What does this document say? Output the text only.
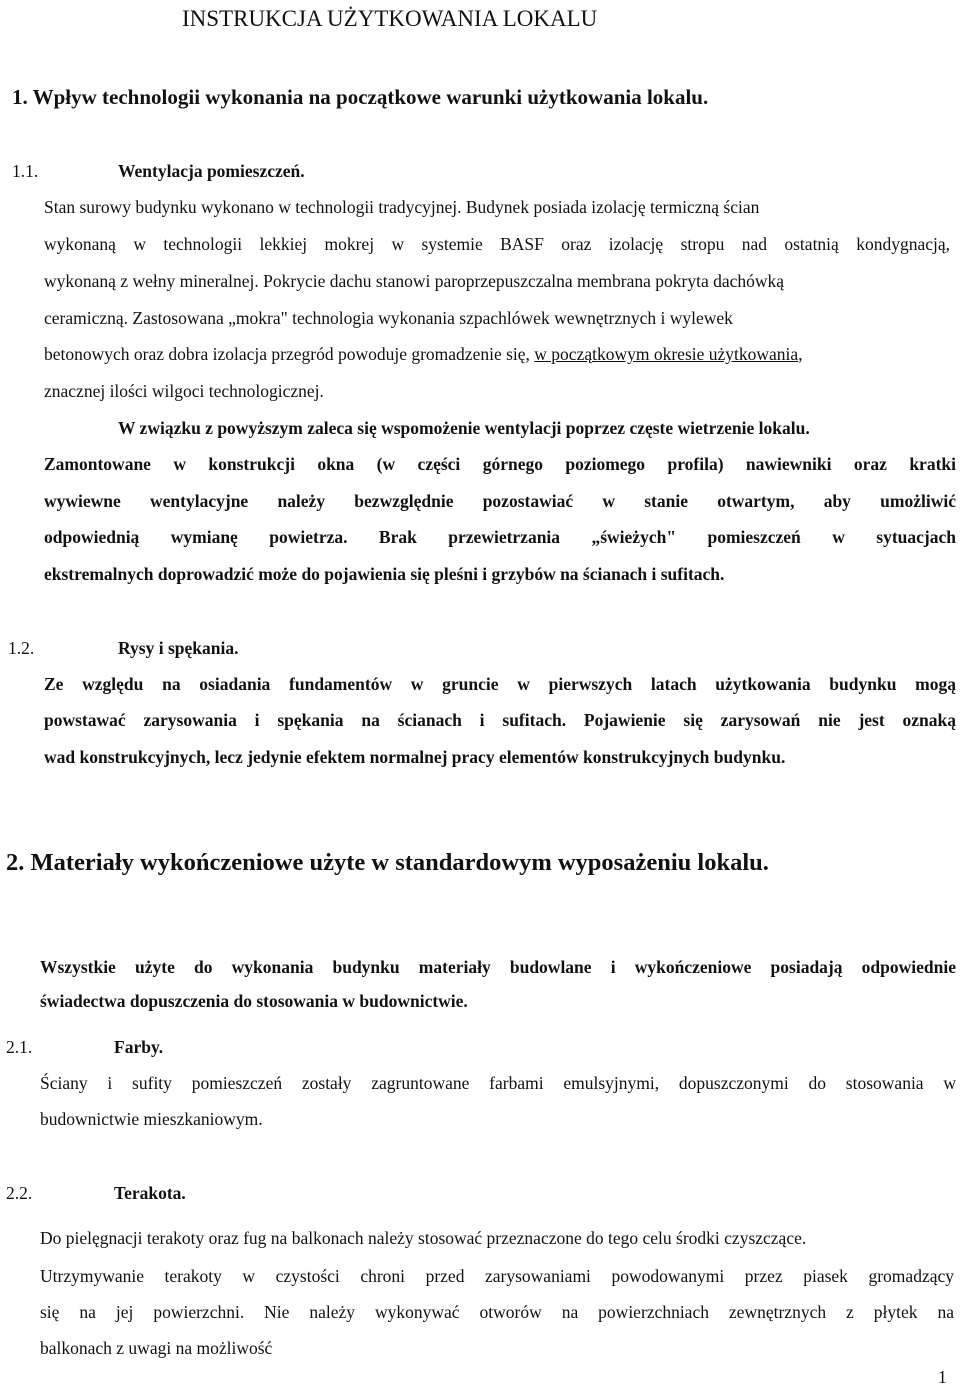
INSTRUKCJA UŻYTKOWANIA LOKALU
1. Wpływ technologii wykonania na początkowe warunki użytkowania lokalu.
1.1.	Wentylacja pomieszczeń.
Stan surowy budynku wykonano w technologii tradycyjnej. Budynek posiada izolację termiczną ścian
wykonaną w technologii lekkiej mokrej w systemie BASF oraz izolację stropu nad ostatnią kondygnacją,
wykonaną z wełny mineralnej. Pokrycie dachu stanowi paroprzepuszczalna membrana pokryta dachówką
ceramiczną. Zastosowana „mokra" technologia wykonania szpachlówek wewnętrznych i wylewek
betonowych oraz dobra izolacja przegród powoduje gromadzenie się, w początkowym okresie użytkowania,
znacznej ilości wilgoci technologicznej.
W związku z powyższym zaleca się wspomożenie wentylacji poprzez częste wietrzenie lokalu.
Zamontowane w konstrukcji okna (w części górnego poziomego profila) nawiewniki oraz kratki
wywiewne wentylacyjne należy bezwzględnie pozostawiać w stanie otwartym, aby umożliwić
odpowiednią wymianę powietrza. Brak przewietrzania „świeżych" pomieszczeń w sytuacjach
ekstremalnych doprowadzić może do pojawienia się pleśni i grzybów na ścianach i sufitach.
1.2.	Rysy i spękania.
Ze względu na osiadania fundamentów w gruncie w pierwszych latach użytkowania budynku mogą
powstawać zarysowania i spękania na ścianach i sufitach. Pojawienie się zarysowań nie jest oznaką
wad konstrukcyjnych, lecz jedynie efektem normalnej pracy elementów konstrukcyjnych budynku.
2. Materiały wykończeniowe użyte w standardowym wyposażeniu lokalu.
Wszystkie użyte do wykonania budynku materiały budowlane i wykończeniowe posiadają odpowiednie
świadectwa dopuszczenia do stosowania w budownictwie.
2.1.	Farby.
Ściany i sufity pomieszczeń zostały zagruntowane farbami emulsyjnymi, dopuszczonymi do stosowania w
budownictwie mieszkaniowym.
2.2.	Terakota.
Do pielęgnacji terakoty oraz fug na balkonach należy stosować przeznaczone do tego celu środki czyszczące.
Utrzymywanie terakoty w czystości chroni przed zarysowaniami powodowanymi przez piasek gromadzący
się na jej powierzchni. Nie należy wykonywać otworów na powierzchniach zewnętrznych z płytek na
balkonach z uwagi na możliwość
1
